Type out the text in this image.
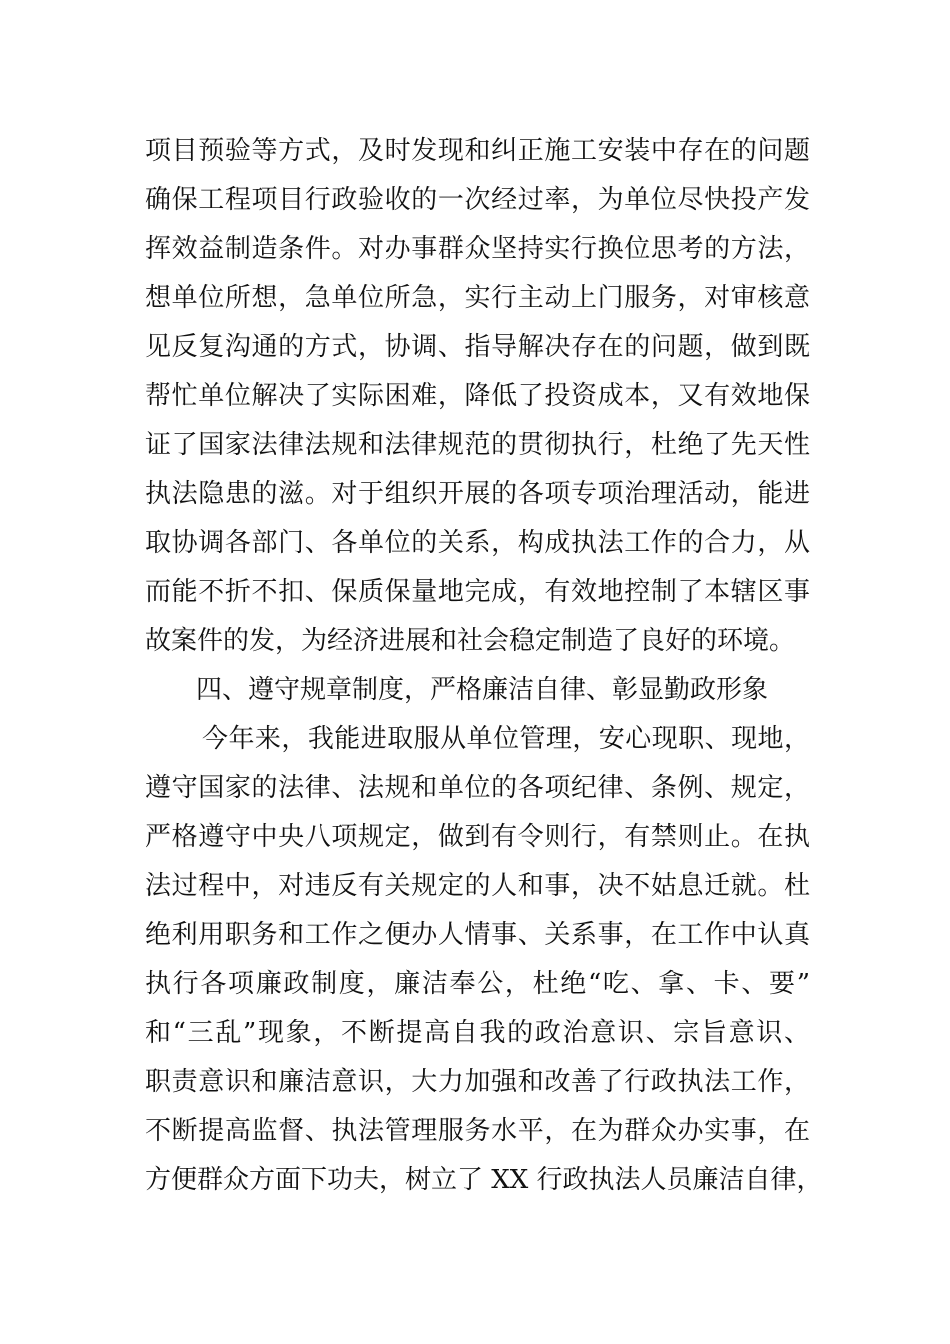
项目预验等方式，及时发现和纠正施工安装中存在的问题
确保工程项目行政验收的一次经过率，为单位尽快投产发
挥效益制造条件。对办事群众坚持实行换位思考的方法，
想单位所想，急单位所急，实行主动上门服务，对审核意
见反复沟通的方式，协调、指导解决存在的问题，做到既
帮忙单位解决了实际困难，降低了投资成本，又有效地保
证了国家法律法规和法律规范的贯彻执行，杜绝了先天性
执法隐患的滋。对于组织开展的各项专项治理活动，能进
取协调各部门、各单位的关系，构成执法工作的合力，从
而能不折不扣、保质保量地完成，有效地控制了本辖区事
故案件的发，为经济进展和社会稳定制造了良好的环境。
四、遵守规章制度，严格廉洁自律、彰显勤政形象
今年来，我能进取服从单位管理，安心现职、现地，
遵守国家的法律、法规和单位的各项纪律、条例、规定，
严格遵守中央八项规定，做到有令则行，有禁则止。在执
法过程中，对违反有关规定的人和事，决不姑息迁就。杜
绝利用职务和工作之便办人情事、关系事，在工作中认真
执行各项廉政制度，廉洁奉公，杜绝“吃、拿、卡、要”
和“三乱”现象，不断提高自我的政治意识、宗旨意识、
职责意识和廉洁意识，大力加强和改善了行政执法工作，
不断提高监督、执法管理服务水平，在为群众办实事，在
方便群众方面下功夫，树立了 XX 行政执法人员廉洁自律，
